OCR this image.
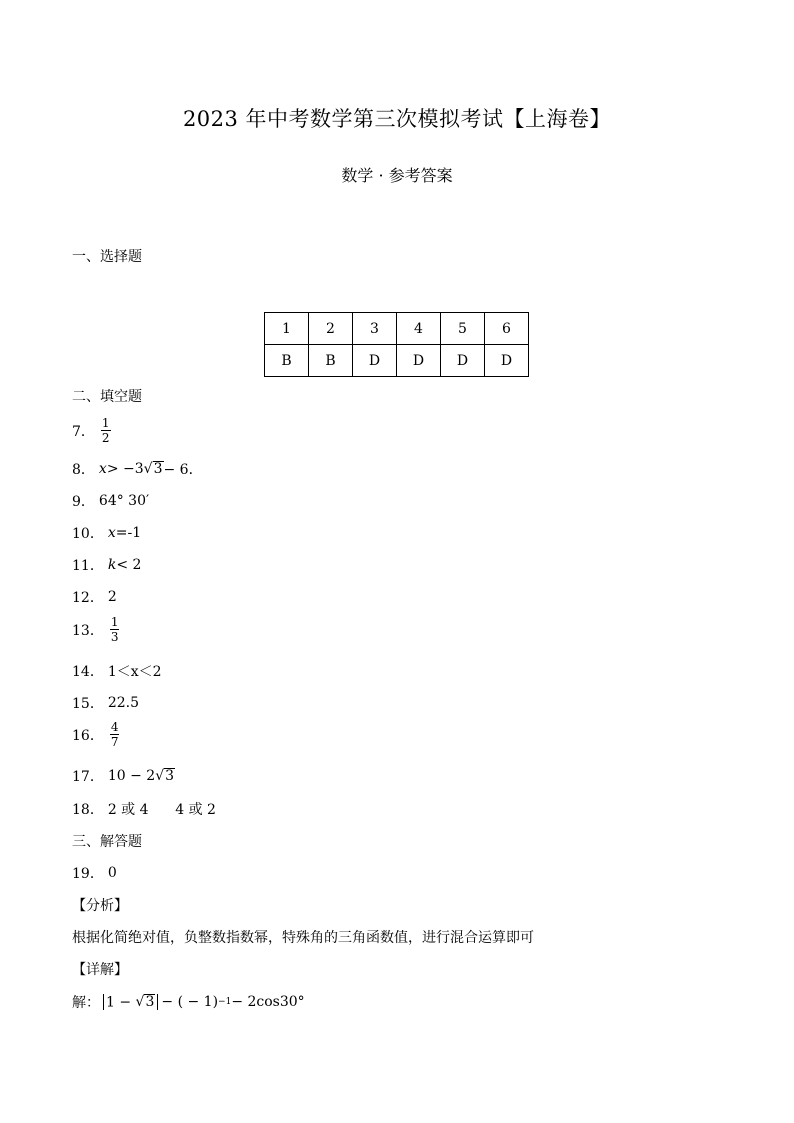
2023 年中考数学第三次模拟考试【上海卷】
数学 · 参考答案
一、选择题
1	2	3	4	5	6
B	B	D	D	D	D
二、填空题
7． $\frac{1}{2}$
8． x > −3 √ 3 − 6．
9． 64° 30′
10． x =-1
11． k < 2
12． 2
13． $\frac{1}{3}$
14． 1＜x＜2
15． 22.5
16． $\frac{4}{7}$
17． 10 − 2 √ 3
18． 2 或 4      4 或 2
三、解答题
19． 0
【分析】
根据化简绝对值，负整数指数幂，特殊角的三角函数值，进行混合运算即可
【详解】
解： 1 − √ 3 − ( − 1) −1 − 2cos30°
